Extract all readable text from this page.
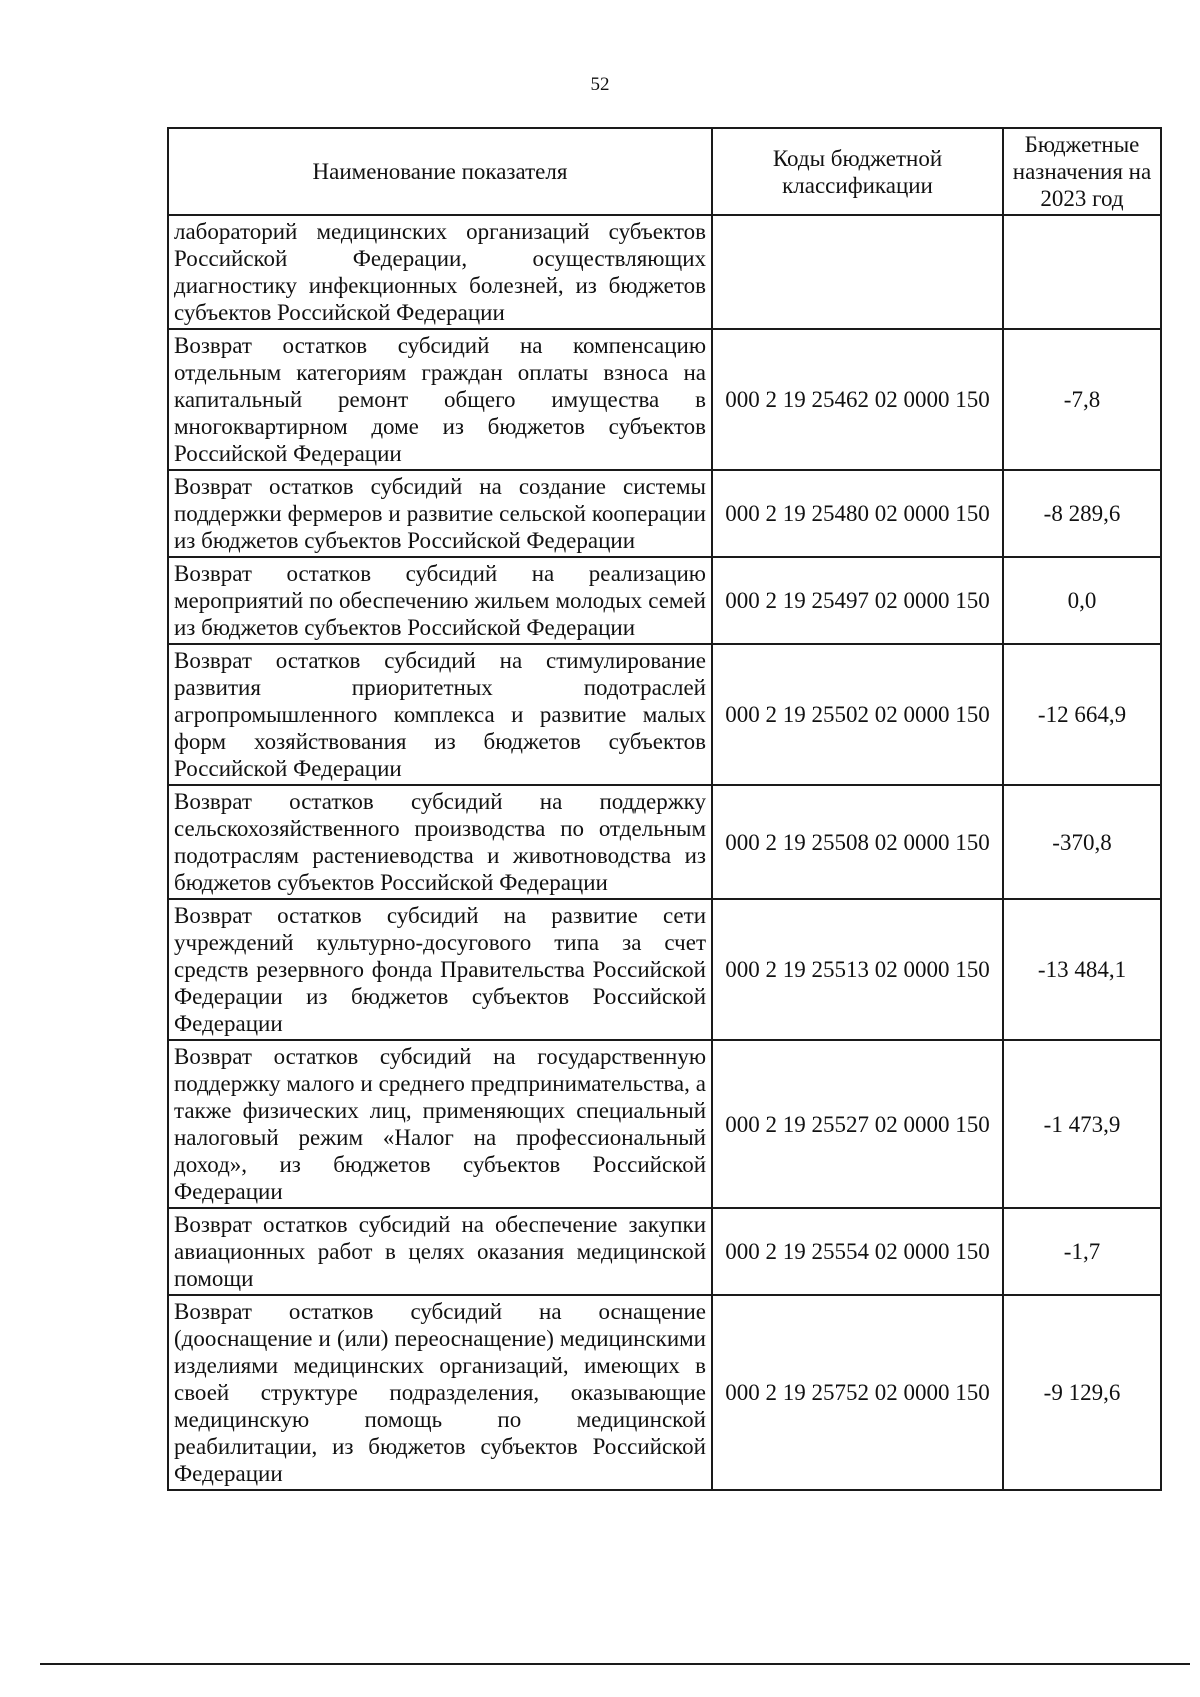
52
Наименование показателя	Коды бюджетной классификации	Бюджетные назначения на 2023 год
лабораторий медицинских организаций субъектов Российской Федерации, осуществляющих диагностику инфекционных болезней, из бюджетов субъектов Российской Федерации		
Возврат остатков субсидий на компенсацию отдельным категориям граждан оплаты взноса на капитальный ремонт общего имущества в многоквартирном доме из бюджетов субъектов Российской Федерации	000 2 19 25462 02 0000 150	-7,8
Возврат остатков субсидий на создание системы поддержки фермеров и развитие сельской кооперации из бюджетов субъектов Российской Федерации	000 2 19 25480 02 0000 150	-8 289,6
Возврат остатков субсидий на реализацию мероприятий по обеспечению жильем молодых семей из бюджетов субъектов Российской Федерации	000 2 19 25497 02 0000 150	0,0
Возврат остатков субсидий на стимулирование развития приоритетных подотраслей агропромышленного комплекса и развитие малых форм хозяйствования из бюджетов субъектов Российской Федерации	000 2 19 25502 02 0000 150	-12 664,9
Возврат остатков субсидий на поддержку сельскохозяйственного производства по отдельным подотраслям растениеводства и животноводства из бюджетов субъектов Российской Федерации	000 2 19 25508 02 0000 150	-370,8
Возврат остатков субсидий на развитие сети учреждений культурно-досугового типа за счет средств резервного фонда Правительства Российской Федерации из бюджетов субъектов Российской Федерации	000 2 19 25513 02 0000 150	-13 484,1
Возврат остатков субсидий на государственную поддержку малого и среднего предпринимательства, а также физических лиц, применяющих специальный налоговый режим «Налог на профессиональный доход», из бюджетов субъектов Российской Федерации	000 2 19 25527 02 0000 150	-1 473,9
Возврат остатков субсидий на обеспечение закупки авиационных работ в целях оказания медицинской помощи	000 2 19 25554 02 0000 150	-1,7
Возврат остатков субсидий на оснащение (дооснащение и (или) переоснащение) медицинскими изделиями медицинских организаций, имеющих в своей структуре подразделения, оказывающие медицинскую помощь по медицинской реабилитации, из бюджетов субъектов Российской Федерации	000 2 19 25752 02 0000 150	-9 129,6
